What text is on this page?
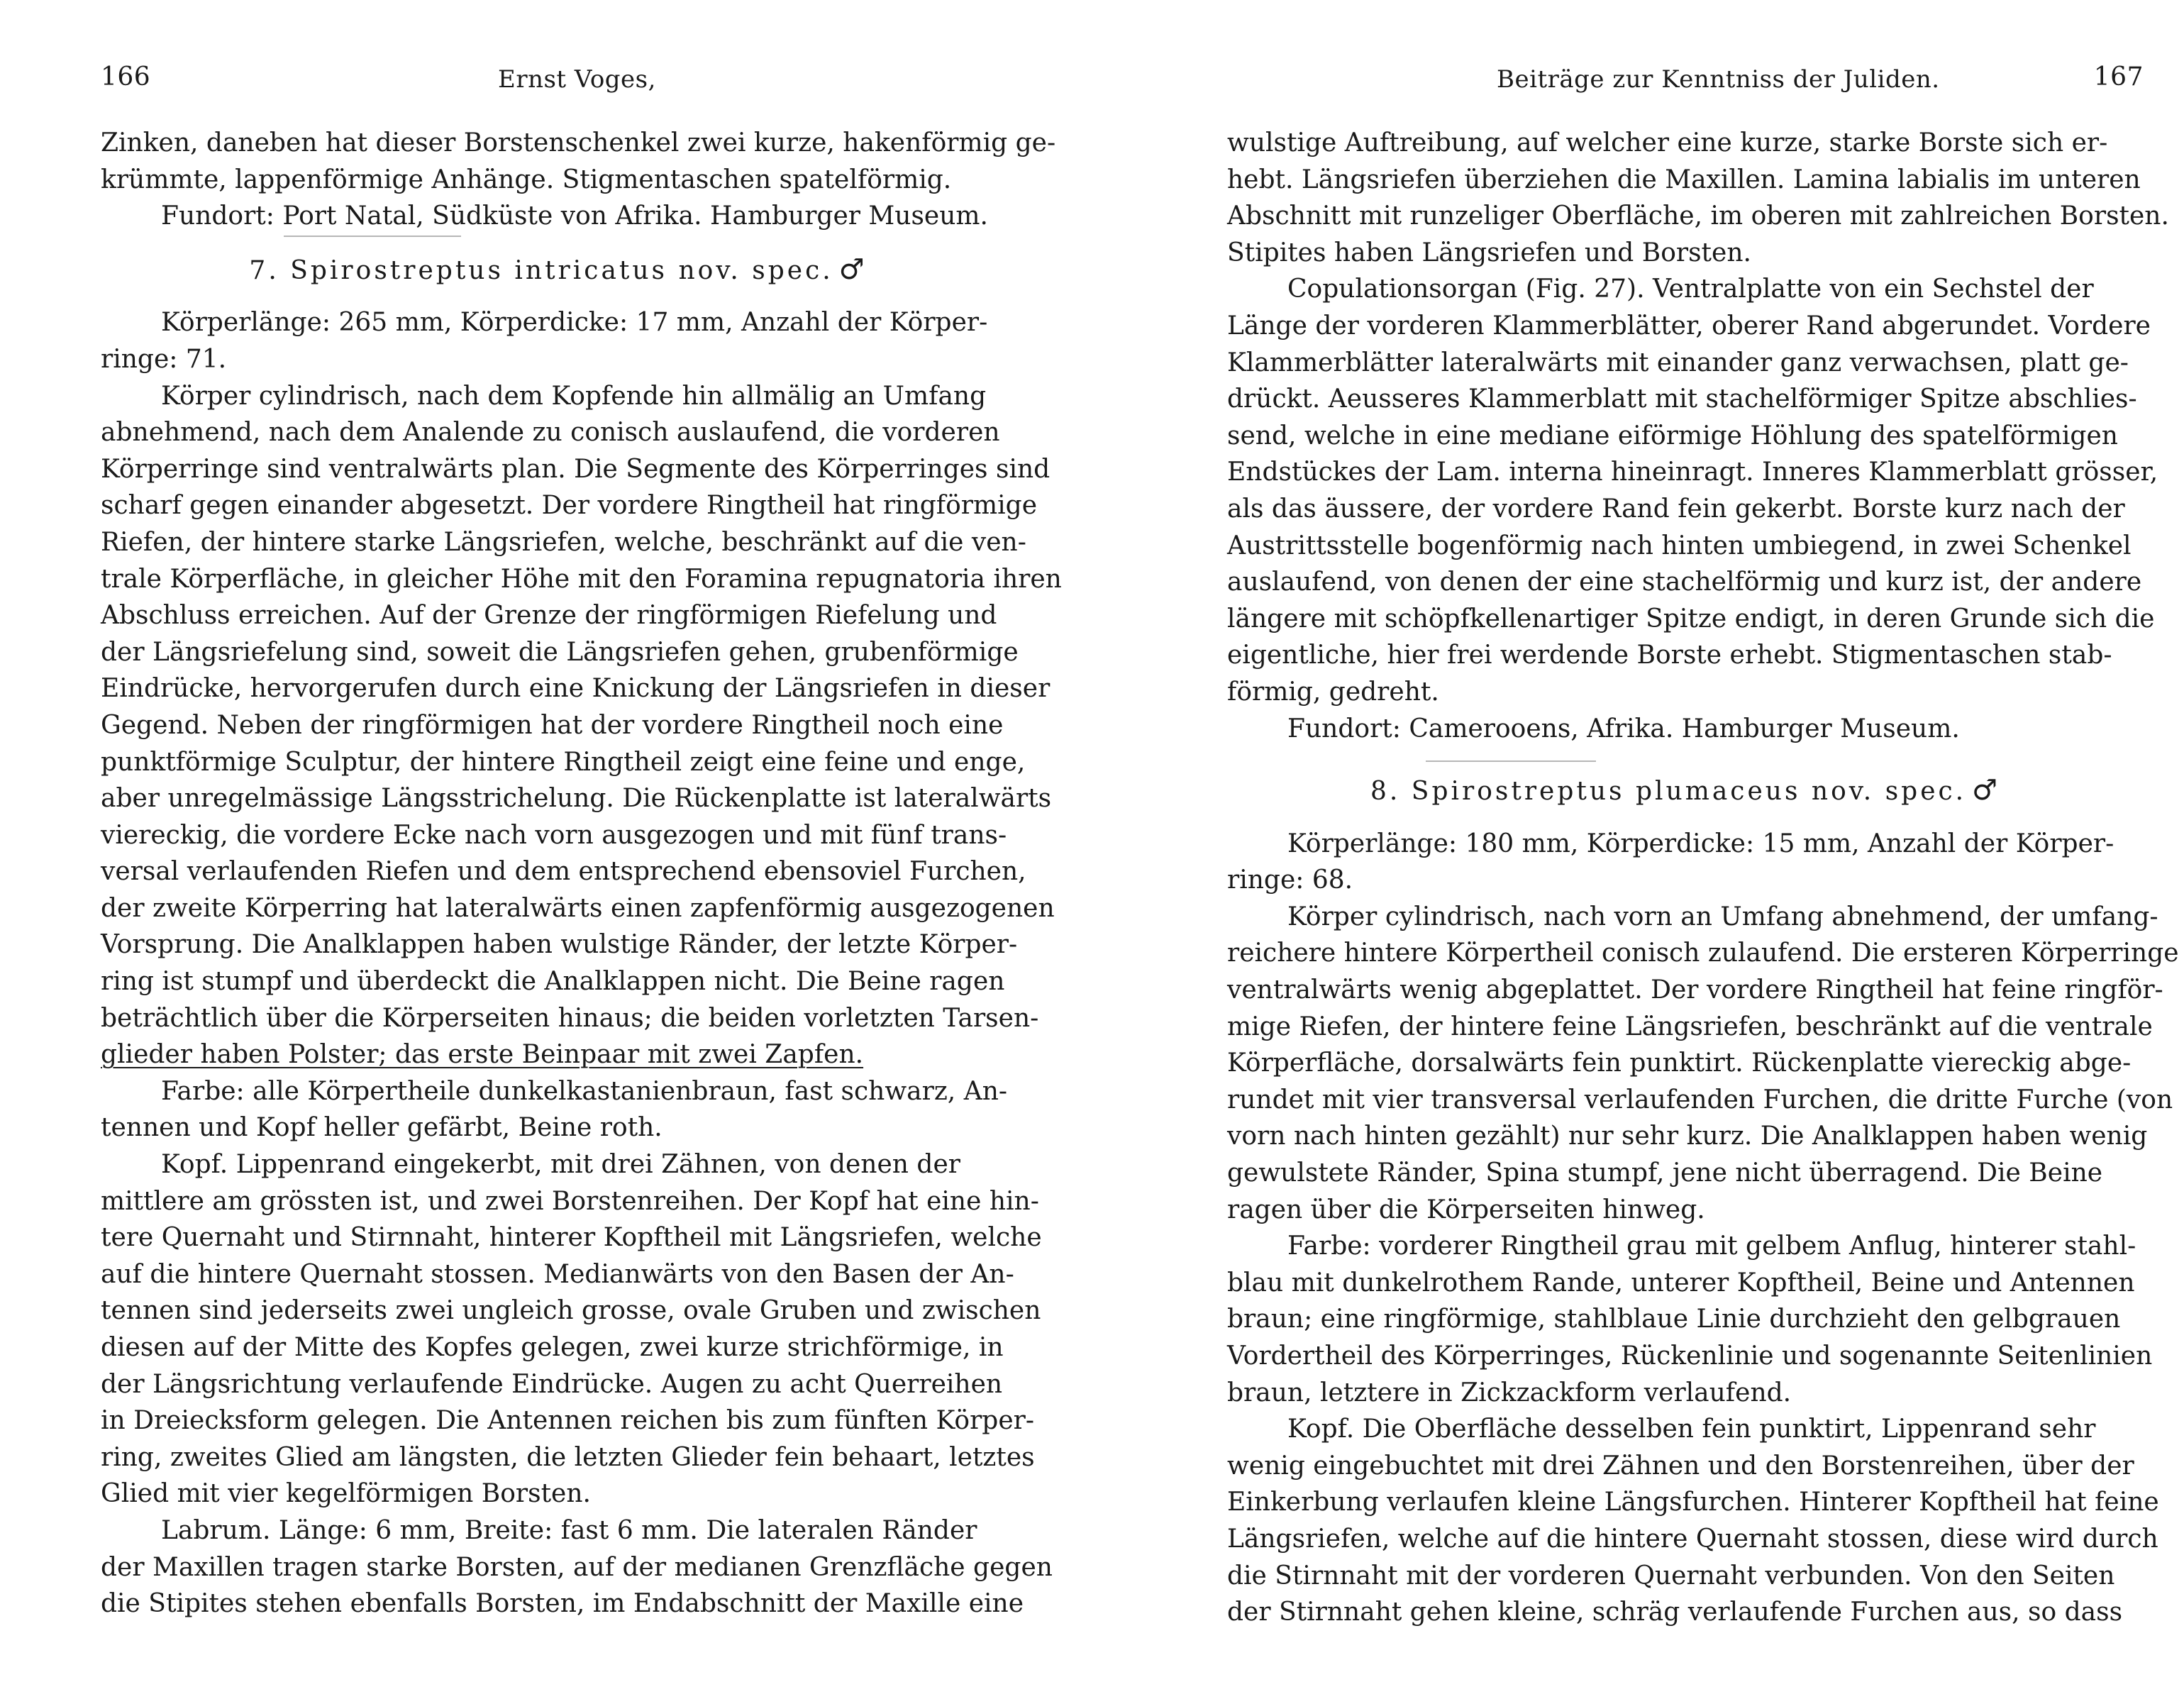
166	Ernst Voges,
Zinken, daneben hat dieser Borstenschenkel zwei kurze, hakenförmig ge-
krümmte, lappenförmige Anhänge. Stigmentaschen spatelförmig.
Fundort: Port Natal, Südküste von Afrika. Hamburger Museum.
7. Spirostreptus intricatus nov. spec. ♂
Körperlänge: 265 mm, Körperdicke: 17 mm, Anzahl der Körper-
ringe: 71.
Körper cylindrisch, nach dem Kopfende hin allmälig an Umfang
abnehmend, nach dem Analende zu conisch auslaufend, die vorderen
Körperringe sind ventralwärts plan. Die Segmente des Körperringes sind
scharf gegen einander abgesetzt. Der vordere Ringtheil hat ringförmige
Riefen, der hintere starke Längsriefen, welche, beschränkt auf die ven-
trale Körperfläche, in gleicher Höhe mit den Foramina repugnatoria ihren
Abschluss erreichen. Auf der Grenze der ringförmigen Riefelung und
der Längsriefelung sind, soweit die Längsriefen gehen, grubenförmige
Eindrücke, hervorgerufen durch eine Knickung der Längsriefen in dieser
Gegend. Neben der ringförmigen hat der vordere Ringtheil noch eine
punktförmige Sculptur, der hintere Ringtheil zeigt eine feine und enge,
aber unregelmässige Längsstrichelung. Die Rückenplatte ist lateralwärts
viereckig, die vordere Ecke nach vorn ausgezogen und mit fünf trans-
versal verlaufenden Riefen und dem entsprechend ebensoviel Furchen,
der zweite Körperring hat lateralwärts einen zapfenförmig ausgezogenen
Vorsprung. Die Analklappen haben wulstige Ränder, der letzte Körper-
ring ist stumpf und überdeckt die Analklappen nicht. Die Beine ragen
beträchtlich über die Körperseiten hinaus; die beiden vorletzten Tarsen-
glieder haben Polster; das erste Beinpaar mit zwei Zapfen.
Farbe: alle Körpertheile dunkelkastanienbraun, fast schwarz, An-
tennen und Kopf heller gefärbt, Beine roth.
Kopf. Lippenrand eingekerbt, mit drei Zähnen, von denen der
mittlere am grössten ist, und zwei Borstenreihen. Der Kopf hat eine hin-
tere Quernaht und Stirnnaht, hinterer Kopftheil mit Längsriefen, welche
auf die hintere Quernaht stossen. Medianwärts von den Basen der An-
tennen sind jederseits zwei ungleich grosse, ovale Gruben und zwischen
diesen auf der Mitte des Kopfes gelegen, zwei kurze strichförmige, in
der Längsrichtung verlaufende Eindrücke. Augen zu acht Querreihen
in Dreiecksform gelegen. Die Antennen reichen bis zum fünften Körper-
ring, zweites Glied am längsten, die letzten Glieder fein behaart, letztes
Glied mit vier kegelförmigen Borsten.
Labrum. Länge: 6 mm, Breite: fast 6 mm. Die lateralen Ränder
der Maxillen tragen starke Borsten, auf der medianen Grenzfläche gegen
die Stipites stehen ebenfalls Borsten, im Endabschnitt der Maxille eine
Beiträge zur Kenntniss der Juliden.	167
wulstige Auftreibung, auf welcher eine kurze, starke Borste sich er-
hebt. Längsriefen überziehen die Maxillen. Lamina labialis im unteren
Abschnitt mit runzeliger Oberfläche, im oberen mit zahlreichen Borsten.
Stipites haben Längsriefen und Borsten.
Copulationsorgan (Fig. 27). Ventralplatte von ein Sechstel der
Länge der vorderen Klammerblätter, oberer Rand abgerundet. Vordere
Klammerblätter lateralwärts mit einander ganz verwachsen, platt ge-
drückt. Aeusseres Klammerblatt mit stachelförmiger Spitze abschlies-
send, welche in eine mediane eiförmige Höhlung des spatelförmigen
Endstückes der Lam. interna hineinragt. Inneres Klammerblatt grösser,
als das äussere, der vordere Rand fein gekerbt. Borste kurz nach der
Austrittsstelle bogenförmig nach hinten umbiegend, in zwei Schenkel
auslaufend, von denen der eine stachelförmig und kurz ist, der andere
längere mit schöpfkellenartiger Spitze endigt, in deren Grunde sich die
eigentliche, hier frei werdende Borste erhebt. Stigmentaschen stab-
förmig, gedreht.
Fundort: Camerooens, Afrika. Hamburger Museum.
8. Spirostreptus plumaceus nov. spec. ♂
Körperlänge: 180 mm, Körperdicke: 15 mm, Anzahl der Körper-
ringe: 68.
Körper cylindrisch, nach vorn an Umfang abnehmend, der umfang-
reichere hintere Körpertheil conisch zulaufend. Die ersteren Körperringe
ventralwärts wenig abgeplattet. Der vordere Ringtheil hat feine ringför-
mige Riefen, der hintere feine Längsriefen, beschränkt auf die ventrale
Körperfläche, dorsalwärts fein punktirt. Rückenplatte viereckig abge-
rundet mit vier transversal verlaufenden Furchen, die dritte Furche (von
vorn nach hinten gezählt) nur sehr kurz. Die Analklappen haben wenig
gewulstete Ränder, Spina stumpf, jene nicht überragend. Die Beine
ragen über die Körperseiten hinweg.
Farbe: vorderer Ringtheil grau mit gelbem Anflug, hinterer stahl-
blau mit dunkelrothem Rande, unterer Kopftheil, Beine und Antennen
braun; eine ringförmige, stahlblaue Linie durchzieht den gelbgrauen
Vordertheil des Körperringes, Rückenlinie und sogenannte Seitenlinien
braun, letztere in Zickzackform verlaufend.
Kopf. Die Oberfläche desselben fein punktirt, Lippenrand sehr
wenig eingebuchtet mit drei Zähnen und den Borstenreihen, über der
Einkerbung verlaufen kleine Längsfurchen. Hinterer Kopftheil hat feine
Längsriefen, welche auf die hintere Quernaht stossen, diese wird durch
die Stirnnaht mit der vorderen Quernaht verbunden. Von den Seiten
der Stirnnaht gehen kleine, schräg verlaufende Furchen aus, so dass
